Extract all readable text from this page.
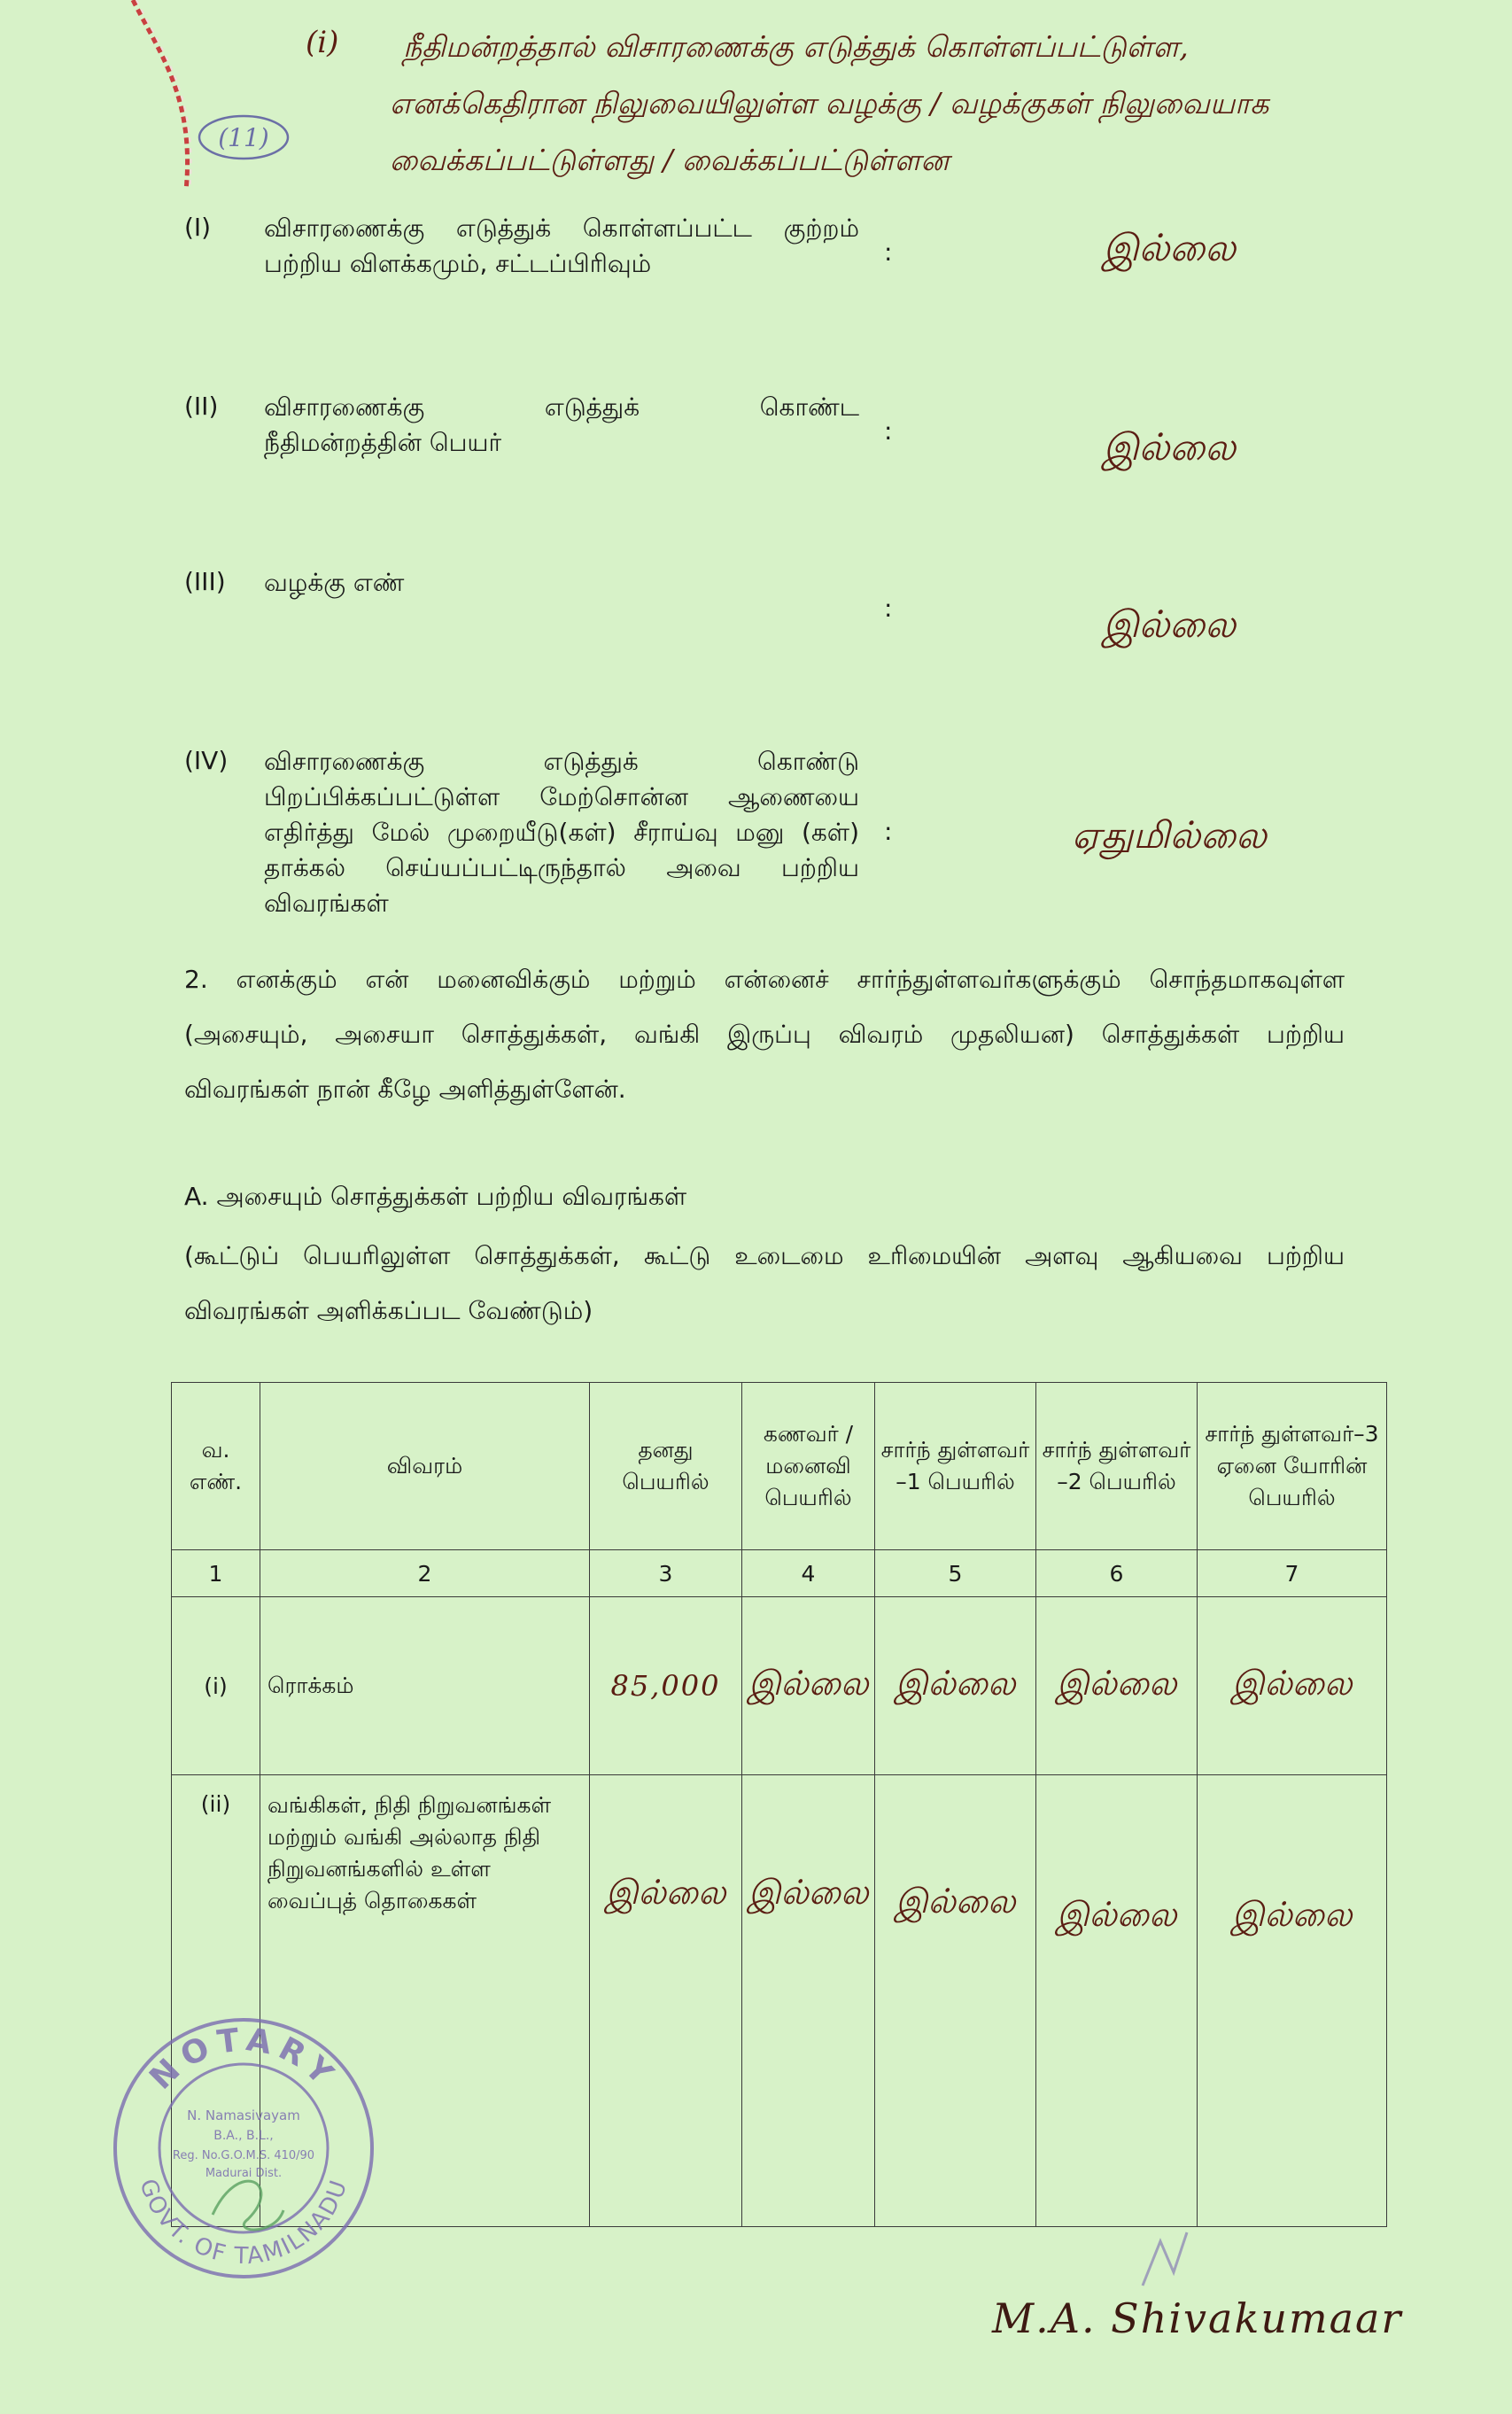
(11)
(i) நீதிமன்றத்தால் விசாரணைக்கு எடுத்துக் கொள்ளப்பட்டுள்ள,
எனக்கெதிரான நிலுவையிலுள்ள வழக்கு / வழக்குகள் நிலுவையாக
வைக்கப்பட்டுள்ளது / வைக்கப்பட்டுள்ளன
(I) விசாரணைக்கு எடுத்துக் கொள்ளப்பட்ட குற்றம்
பற்றிய விளக்கமும், சட்டப்பிரிவும்	:	இல்லை
(II) விசாரணைக்கு எடுத்துக் கொண்ட
நீதிமன்றத்தின் பெயர்	:	இல்லை
(III) வழக்கு எண்
:	இல்லை
(IV) விசாரணைக்கு எடுத்துக் கொண்டு
பிறப்பிக்கப்பட்டுள்ள மேற்சொன்ன ஆணையை
எதிர்த்து மேல் முறையீடு(கள்) சீராய்வு மனு (கள்)
தாக்கல் செய்யப்பட்டிருந்தால் அவை பற்றிய
விவரங்கள்
:	ஏதுமில்லை
2. எனக்கும் என் மனைவிக்கும் மற்றும் என்னைச் சார்ந்துள்ளவர்களுக்கும் சொந்தமாகவுள்ள
(அசையும், அசையா சொத்துக்கள், வங்கி இருப்பு விவரம் முதலியன) சொத்துக்கள் பற்றிய
விவரங்கள் நான் கீழே அளித்துள்ளேன்.
A. அசையும் சொத்துக்கள் பற்றிய விவரங்கள்
(கூட்டுப் பெயரிலுள்ள சொத்துக்கள், கூட்டு உடைமை உரிமையின் அளவு ஆகியவை பற்றிய
விவரங்கள் அளிக்கப்பட வேண்டும்)
வ. எண்.	விவரம்	தனது பெயரில்	கணவர் / மனைவி பெயரில்	சார்ந் துள்ளவர் –1 பெயரில்	சார்ந் துள்ளவர் –2 பெயரில்	சார்ந் துள்ளவர்–3 ஏனை யோரின் பெயரில்
1	2	3	4	5	6	7
(i)	ரொக்கம்	85,000	இல்லை	இல்லை	இல்லை	இல்லை
(ii)	வங்கிகள், நிதி நிறுவனங்கள் மற்றும் வங்கி அல்லாத நிதி நிறுவனங்களில் உள்ள வைப்புத் தொகைகள்	இல்லை	இல்லை	இல்லை	இல்லை	இல்லை
NOTARY
GOVT. OF TAMILNADU
N. Namasivayam
B.A., B.L.,
Reg. No.G.O.M.S. 410/90
Madurai Dist.
M.A. Shivakumaar
